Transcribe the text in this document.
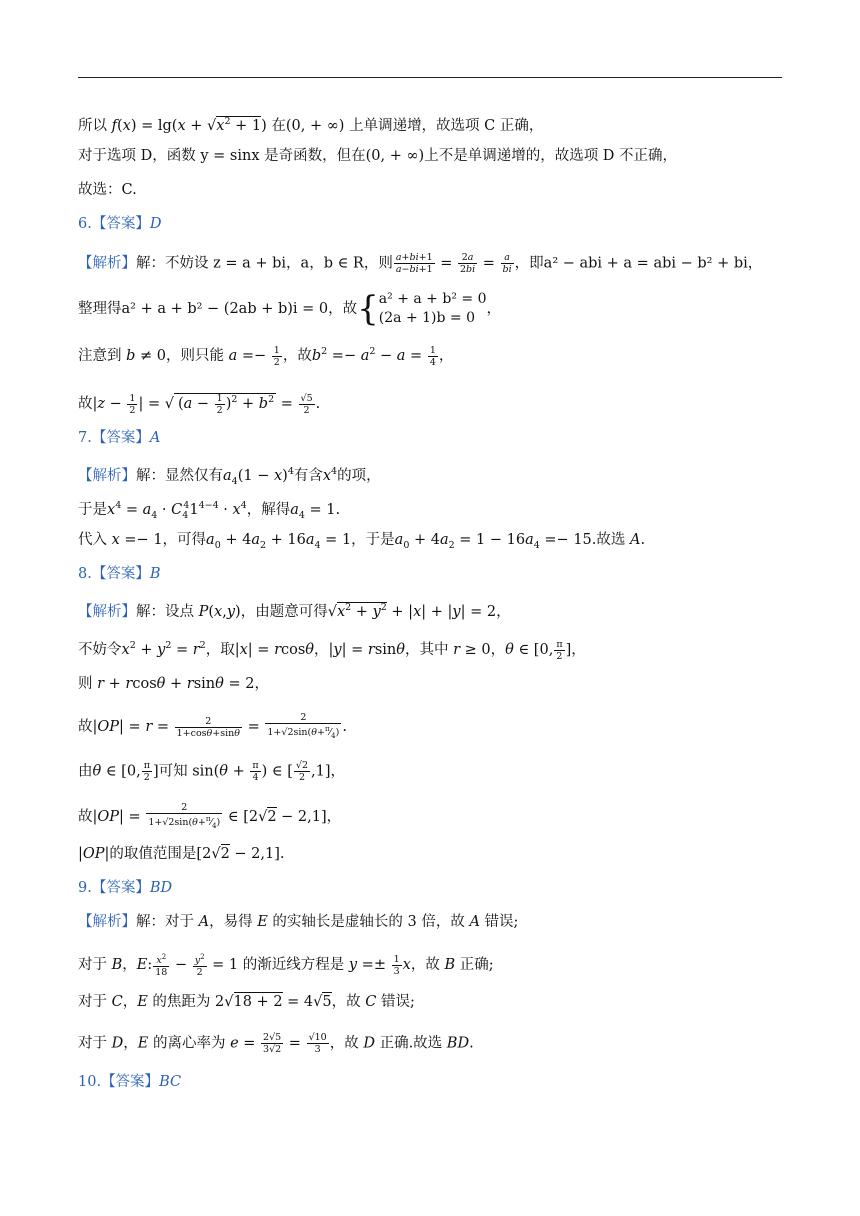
所以 $f(x) = \lg(x + √x^2 + 1)$ 在(0, + ∞) 上单调递增，故选项 C 正确，
对于选项 D，函数 y = sinx 是奇函数，但在(0, + ∞)上不是单调递增的，故选项 D 不正确，
故选：C.
6.【答案】D
【解析】解：不妨设 z = a + bi，a，b ∈ R，则 $\frac{a+bi+1}{a-bi+1} = \frac{2a}{2bi} = \frac{a}{bi}$ ，即a² − abi + a = abi − b² + bi，
整理得a² + a + b² − (2ab + b)i = 0，故{ a² + a + b² = 0
(2a + 1)b = 0
，
注意到 b ≠ 0，则只能 $a =- \frac{1}{2}$ ，故$b^2 =- a^2 - a = \frac{1}{4}$ ，
故$|z - \frac{1}{2}$ | = √ $(a - \frac{1}{2} )^2 + b^2 = \frac{√5}{2}$ .
7.【答案】A
【解析】解：显然仅有$a_4(1 - x)^4$有含$x^4$的项，
于是$x^4 = a_4 \cdot C_4^41^{4-4} \cdot x^4$，解得$a_4 = 1$.
代入 x =− 1，可得$a_0 + 4a_2 + 16a_4 = 1$，于是$a_0 + 4a_2 = 1 - 16a_4 =- 15$.故选 A.
8.【答案】B
【解析】解：设点 P(x,y)，由题意可得$√x^2 + y^2 + |x| + |y| = 2$，
不妨令$x^2 + y^2 = r^2$，取|x| = rcosθ，|y| = rsinθ，其中 r ≥ 0，θ ∈ [0, $\frac{\pi}{2}$ ]，
则 r + rcosθ + rsinθ = 2，
故$|OP| = r = \frac{2}{1+\cos\theta+\sin\theta} = \frac{2}{1+√2\sin(\theta+^\pi⁄_4)}$ .
由θ ∈ [0, $\frac{\pi}{2}$ ]可知 $\sin(\theta + \frac{\pi}{4}$ ) ∈ [ $\frac{√2}{2} ,1$]，
故$|OP| = \frac{2}{1+√2\sin(\theta+^\pi⁄_4)}$ ∈ [2√2 − 2,1]，
|OP|的取值范围是[2√2 − 2,1].
9.【答案】BD
【解析】解：对于 A，易得 E 的实轴长是虚轴长的 3 倍，故 A 错误;
对于 B，E: $\frac{x^2}{18} - \frac{y^2}{2} = 1$ 的渐近线方程是 $y =\pm \frac{1}{3}$ x，故 B 正确;
对于 C，E 的焦距为 2√18 + 2 = 4√5，故 C 错误;
对于 D，E 的离心率为 $e = \frac{2√5}{3√2} = \frac{√10}{3}$ ，故 D 正确.故选 BD.
10.【答案】BC
